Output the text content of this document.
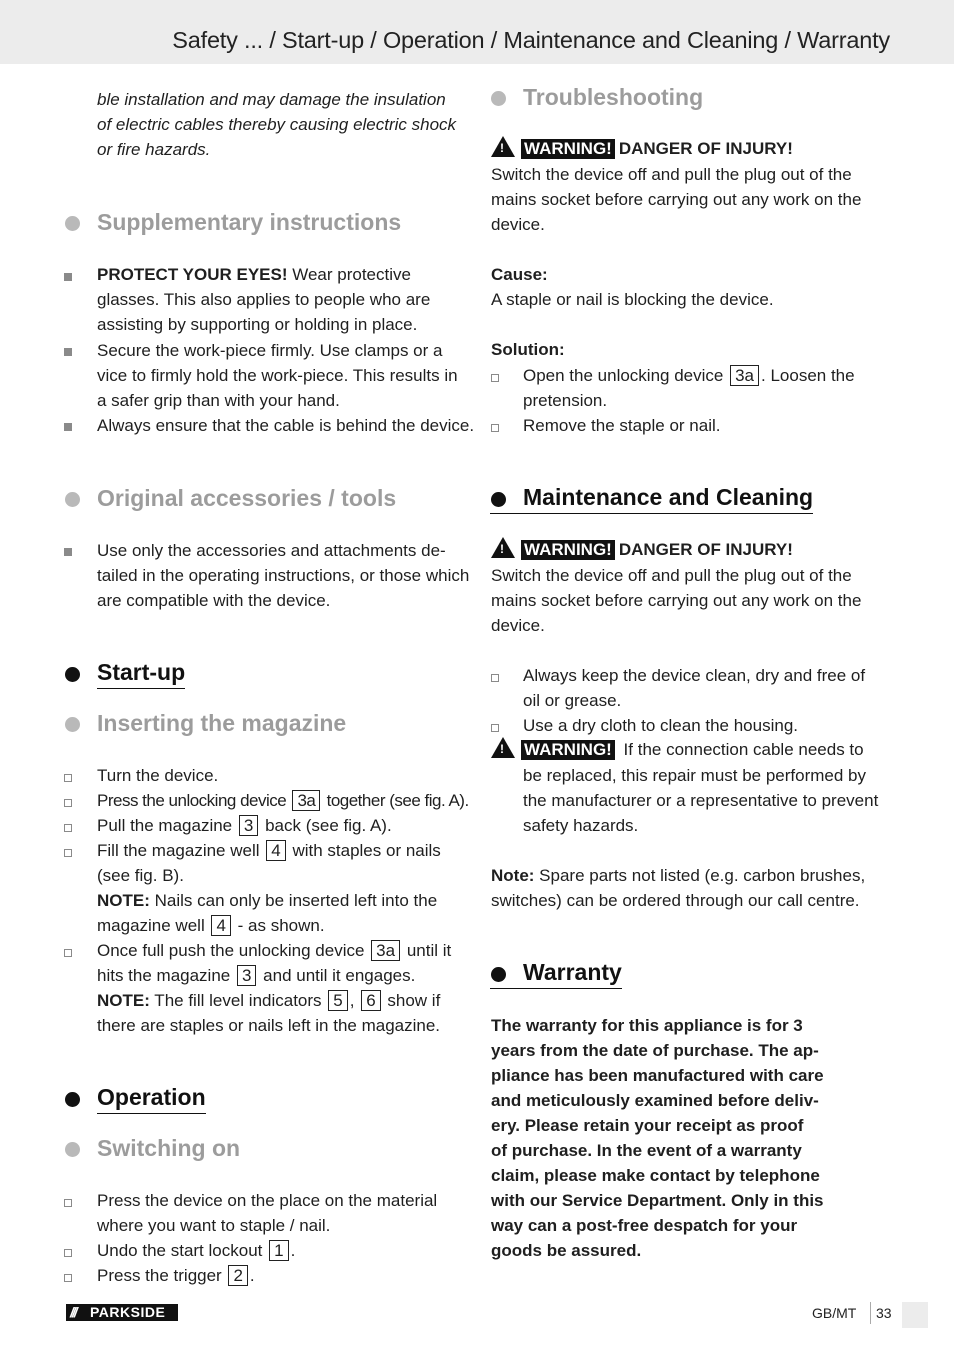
Safety ... / Start-up / Operation / Maintenance and Cleaning / Warranty
ble installation and may damage the insulation
of electric cables thereby causing electric shock
or fire hazards.
Supplementary instructions
PROTECT YOUR EYES! Wear protective
glasses. This also applies to people who are
assisting by supporting or holding in place.
Secure the work-piece firmly. Use clamps or a
vice to firmly hold the work-piece. This results in
a safer grip than with your hand.
Always ensure that the cable is behind the device.
Original accessories / tools
Use only the accessories and attachments de-
tailed in the operating instructions, or those which
are compatible with the device.
Start-up
Inserting the magazine
Turn the device.
Press the unlocking device 3a together (see fig. A).
Pull the magazine 3 back (see fig. A).
Fill the magazine well 4 with staples or nails
(see fig. B).
NOTE: Nails can only be inserted left into the
magazine well 4 - as shown.
Once full push the unlocking device 3a until it
hits the magazine 3 and until it engages.
NOTE: The fill level indicators 5 , 6 show if
there are staples or nails left in the magazine.
Operation
Switching on
Press the device on the place on the material
where you want to staple / nail.
Undo the start lockout 1 .
Press the trigger 2 .
Troubleshooting
! WARNING! DANGER OF INJURY!
Switch the device off and pull the plug out of the
mains socket before carrying out any work on the
device.
Cause:
A staple or nail is blocking the device.
Solution:
Open the unlocking device 3a . Loosen the
pretension.
Remove the staple or nail.
Maintenance and Cleaning
! WARNING! DANGER OF INJURY!
Switch the device off and pull the plug out of the
mains socket before carrying out any work on the
device.
Always keep the device clean, dry and free of
oil or grease.
Use a dry cloth to clean the housing.
! WARNING! If the connection cable needs to
be replaced, this repair must be performed by
the manufacturer or a representative to prevent
safety hazards.
Note: Spare parts not listed (e.g. carbon brushes,
switches) can be ordered through our call centre.
Warranty
The warranty for this appliance is for 3
years from the date of purchase. The ap-
pliance has been manufactured with care
and meticulously examined before deliv-
ery. Please retain your receipt as proof
of purchase. In the event of a warranty
claim, please make contact by telephone
with our Service Department. Only in this
way can a post-free despatch for your
goods be assured.
/// PARKSIDE	GB/MT 33
